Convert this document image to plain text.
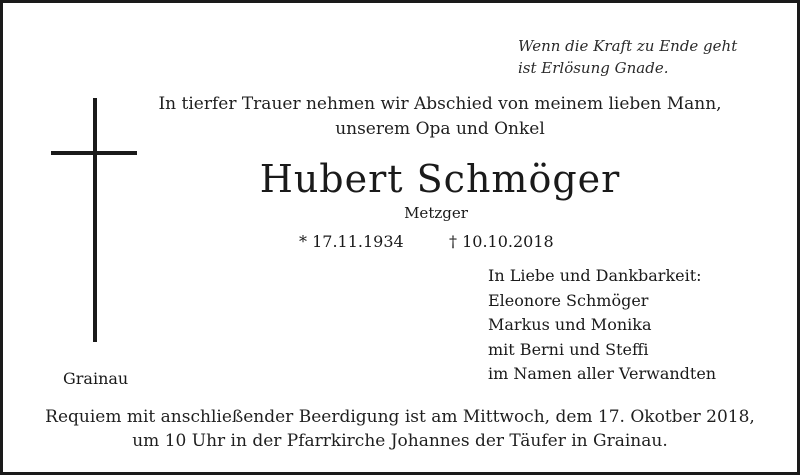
Wenn die Kraft zu Ende geht
ist Erlösung Gnade.
In tierfer Trauer nehmen wir Abschied von meinem lieben Mann,
unserem Opa und Onkel
Hubert Schmöger
Metzger
* 17.11.1934	† 10.10.2018
In Liebe und Dankbarkeit:
Eleonore Schmöger
Markus und Monika
mit Berni und Steffi
im Namen aller Verwandten
Grainau
Requiem mit anschließender Beerdigung ist am Mittwoch, dem 17. Okotber 2018,
um 10 Uhr in der Pfarrkirche Johannes der Täufer in Grainau.
